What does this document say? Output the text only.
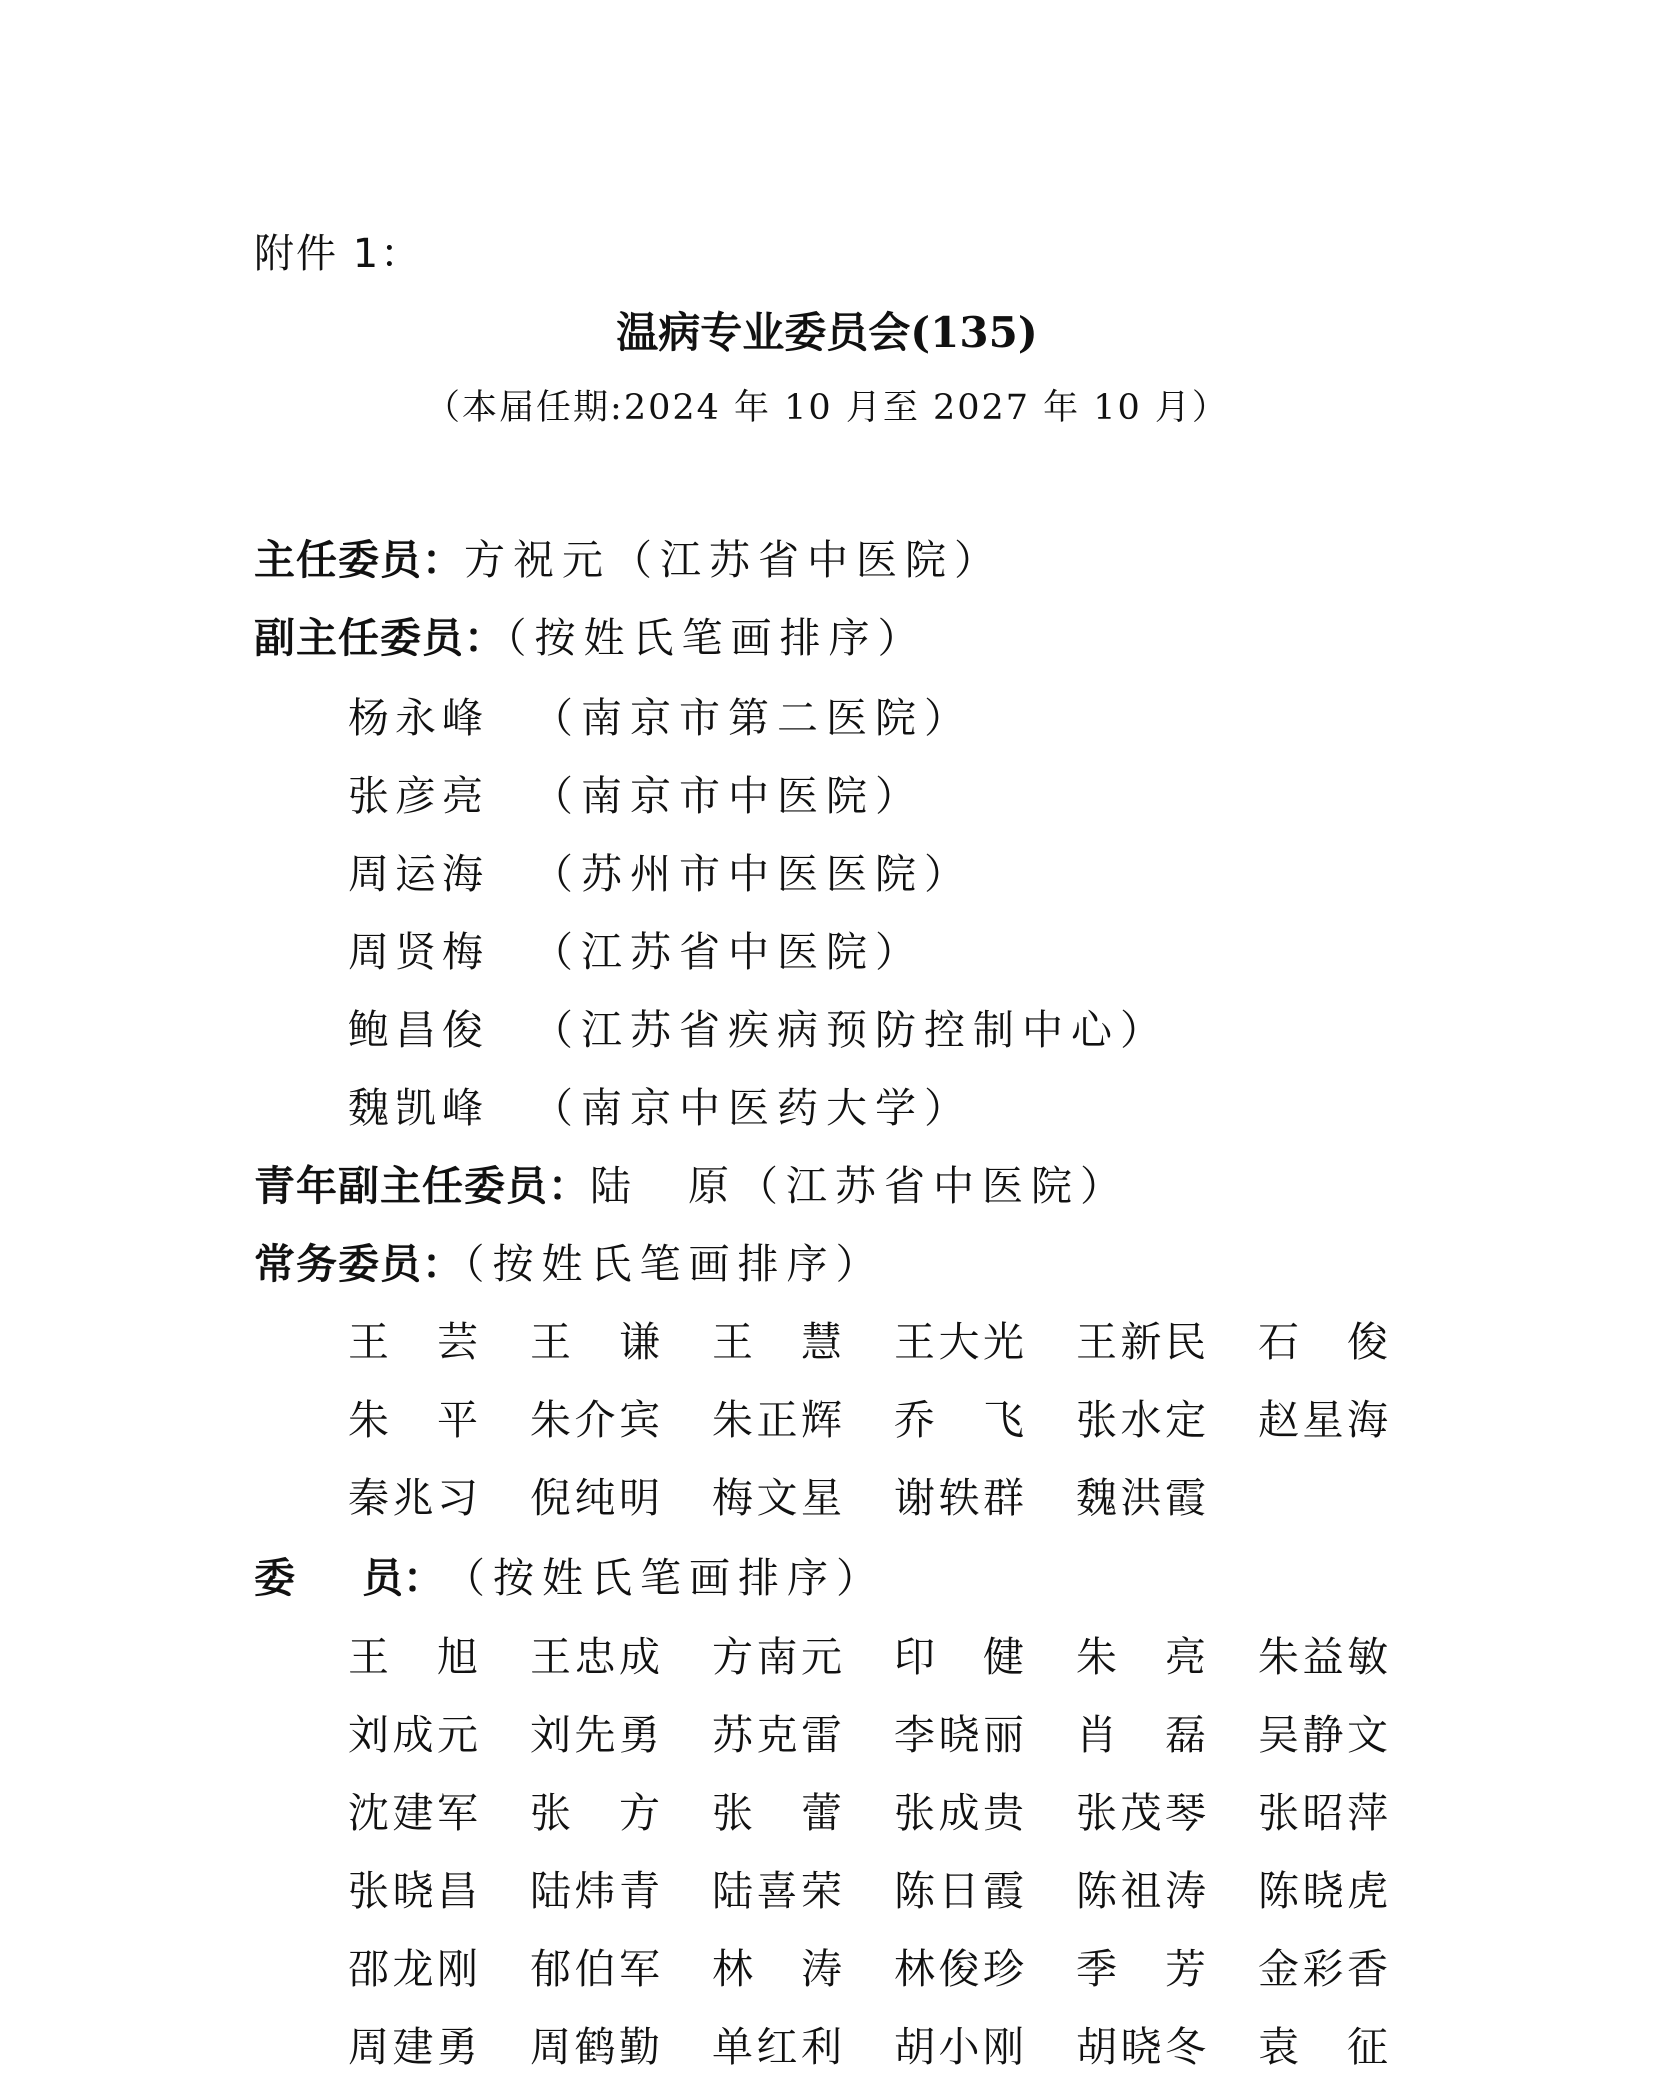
附件 1：
温病专业委员会(135)
（本届任期:2024 年 10 月至 2027 年 10 月）
主任委员：方祝元（江苏省中医院）
副主任委员：（按姓氏笔画排序）
杨永峰 （南京市第二医院）
张彦亮 （南京市中医院）
周运海 （苏州市中医医院）
周贤梅 （江苏省中医院）
鲍昌俊 （江苏省疾病预防控制中心）
魏凯峰 （南京中医药大学）
青年副主任委员：陆　原（江苏省中医院）
常务委员：（按姓氏笔画排序）
王 芸 王 谦 王 慧 王 大 光 王 新 民 石 俊
朱 平 朱 介 宾 朱 正 辉 乔 飞 张 水 定 赵 星 海
秦 兆 习 倪 纯 明 梅 文 星 谢 轶 群 魏 洪 霞
委 员： （按姓氏笔画排序）
王 旭 王 忠 成 方 南 元 印 健 朱 亮 朱 益 敏
刘 成 元 刘 先 勇 苏 克 雷 李 晓 丽 肖 磊 吴 静 文
沈 建 军 张 方 张 蕾 张 成 贵 张 茂 琴 张 昭 萍
张 晓 昌 陆 炜 青 陆 喜 荣 陈 日 霞 陈 祖 涛 陈 晓 虎
邵 龙 刚 郁 伯 军 林 涛 林 俊 珍 季 芳 金 彩 香
周 建 勇 周 鹤 勤 单 红 利 胡 小 刚 胡 晓 冬 袁 征
